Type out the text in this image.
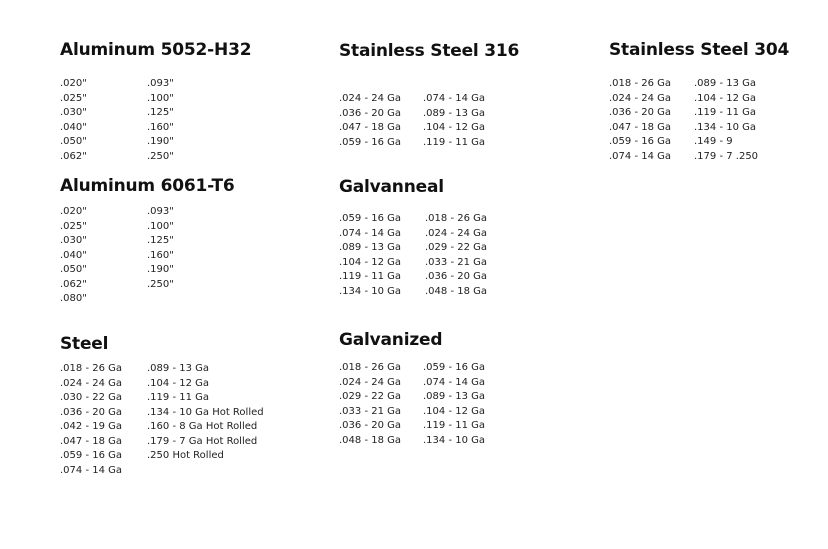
Aluminum 5052-H32
.020"
.025"
.030"
.040"
.050"
.062"
.093"
.100"
.125"
.160"
.190"
.250"
Stainless Steel 316
.024 - 24 Ga
.036 - 20 Ga
.047 - 18 Ga
.059 - 16 Ga
.074 - 14 Ga
.089 - 13 Ga
.104 - 12 Ga
.119 - 11 Ga
Stainless Steel 304
.018 - 26 Ga
.024 - 24 Ga
.036 - 20 Ga
.047 - 18 Ga
.059 - 16 Ga
.074 - 14 Ga
.089 - 13 Ga
.104 - 12 Ga
.119 - 11 Ga
.134 - 10 Ga
.149 - 9
.179 - 7 .250
Aluminum 6061-T6
.020"
.025"
.030"
.040"
.050"
.062"
.080"
.093"
.100"
.125"
.160"
.190"
.250"
Galvanneal
.059 - 16 Ga
.074 - 14 Ga
.089 - 13 Ga
.104 - 12 Ga
.119 - 11 Ga
.134 - 10 Ga
.018 - 26 Ga
.024 - 24 Ga
.029 - 22 Ga
.033 - 21 Ga
.036 - 20 Ga
.048 - 18 Ga
Steel
.018 - 26 Ga
.024 - 24 Ga
.030 - 22 Ga
.036 - 20 Ga
.042 - 19 Ga
.047 - 18 Ga
.059 - 16 Ga
.074 - 14 Ga
.089 - 13 Ga
.104 - 12 Ga
.119 - 11 Ga
.134 - 10 Ga Hot Rolled
.160 - 8 Ga Hot Rolled
.179 - 7 Ga Hot Rolled
.250 Hot Rolled
Galvanized
.018 - 26 Ga
.024 - 24 Ga
.029 - 22 Ga
.033 - 21 Ga
.036 - 20 Ga
.048 - 18 Ga
.059 - 16 Ga
.074 - 14 Ga
.089 - 13 Ga
.104 - 12 Ga
.119 - 11 Ga
.134 - 10 Ga
